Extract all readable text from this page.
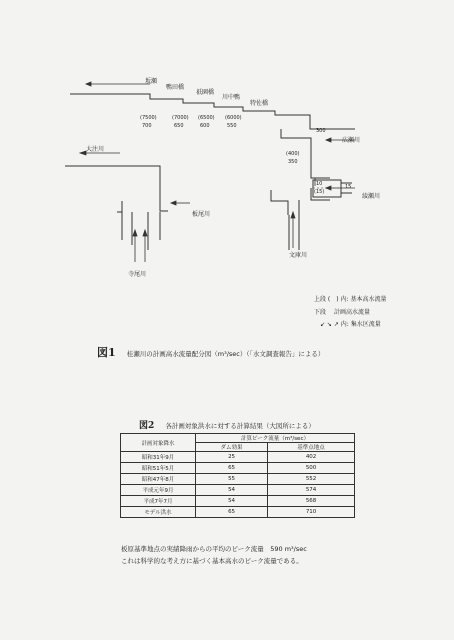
坂瀬
鴨田橋
祇園橋
川中鴨
特佐橋
(7500)
700
(7000)
650
(6500)
600
(6000)
550
300
広瀬川
大注川
(400)
350
10
(15)
15
綾瀬川
板尾川
文庫川
寺尾川
上段 (　) 内: 基本高水流量
下段　 計画高水流量
↙ ↘ ↗ 内: 集水区流量
図1 桂瀬川の計画高水流量配分図（m³/sec）（「水文調査報告」による）
図2 各計画対象洪水に対する計算結果（大図所による）
計画対象降水	計算ピーク流量（m³/sec）	
	ダム効果	基準点地点
昭和31年9月	25	402
昭和51年5月	65	500
昭和47年8月	55	552
平成元年9月	54	574
平成7年7月	54	568
モデル洪水	65	710
板原基準地点の実績降雨からの平均のピーク流量　590 m³/sec
これは科学的な考え方に基づく基本高水のピーク流量である。
